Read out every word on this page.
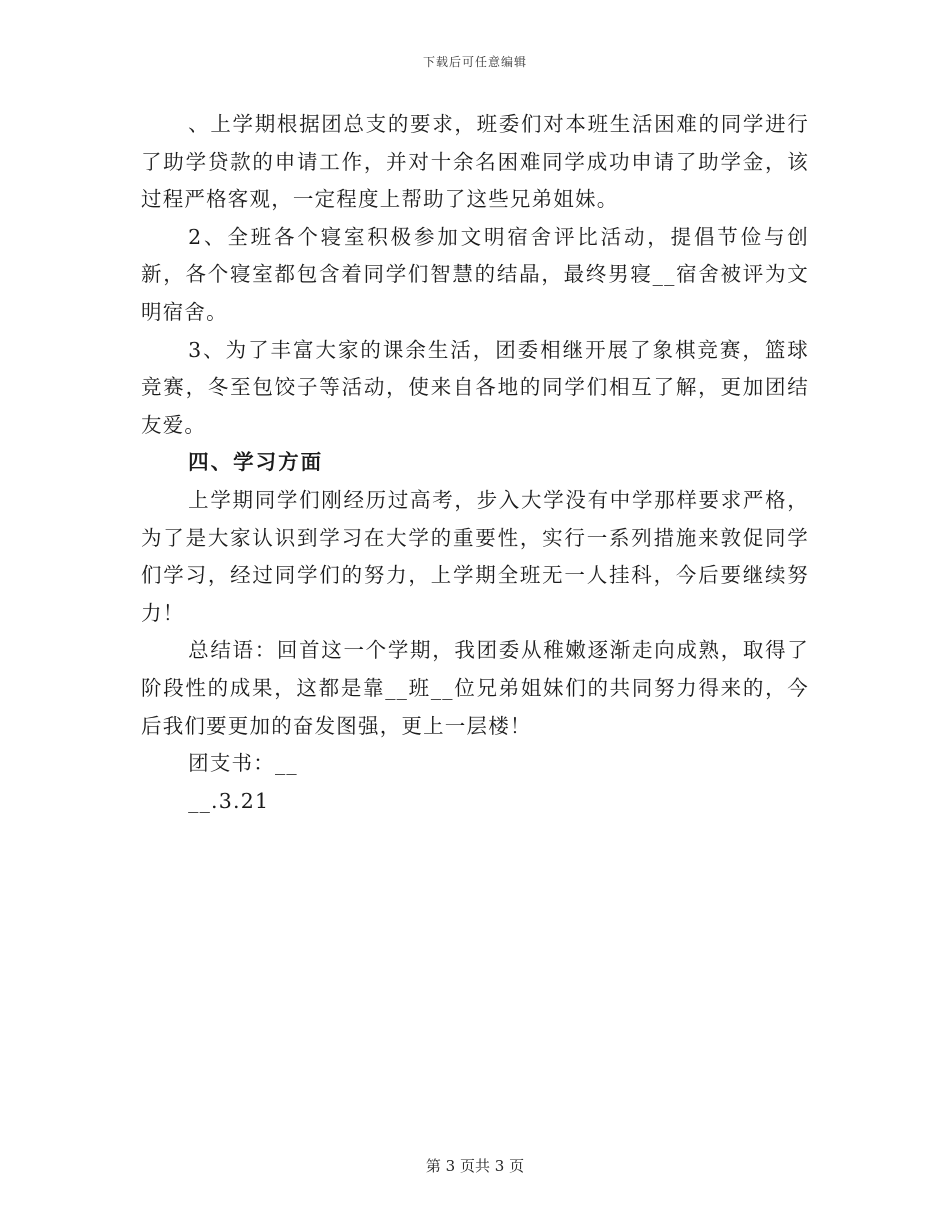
下载后可任意编辑

、上学期根据团总支的要求，班委们对本班生活困难的同学进行了助学贷款的申请工作，并对十余名困难同学成功申请了助学金，该过程严格客观，一定程度上帮助了这些兄弟姐妹。

2、全班各个寝室积极参加文明宿舍评比活动，提倡节俭与创新，各个寝室都包含着同学们智慧的结晶，最终男寝__宿舍被评为文明宿舍。

3、为了丰富大家的课余生活，团委相继开展了象棋竞赛，篮球竞赛，冬至包饺子等活动，使来自各地的同学们相互了解，更加团结友爱。

四、学习方面

上学期同学们刚经历过高考，步入大学没有中学那样要求严格，为了是大家认识到学习在大学的重要性，实行一系列措施来敦促同学们学习，经过同学们的努力，上学期全班无一人挂科，今后要继续努力！

总结语：回首这一个学期，我团委从稚嫩逐渐走向成熟，取得了阶段性的成果，这都是靠__班__位兄弟姐妹们的共同努力得来的，今后我们要更加的奋发图强，更上一层楼！

团支书：__

__.3.21

第 3 页共 3 页
